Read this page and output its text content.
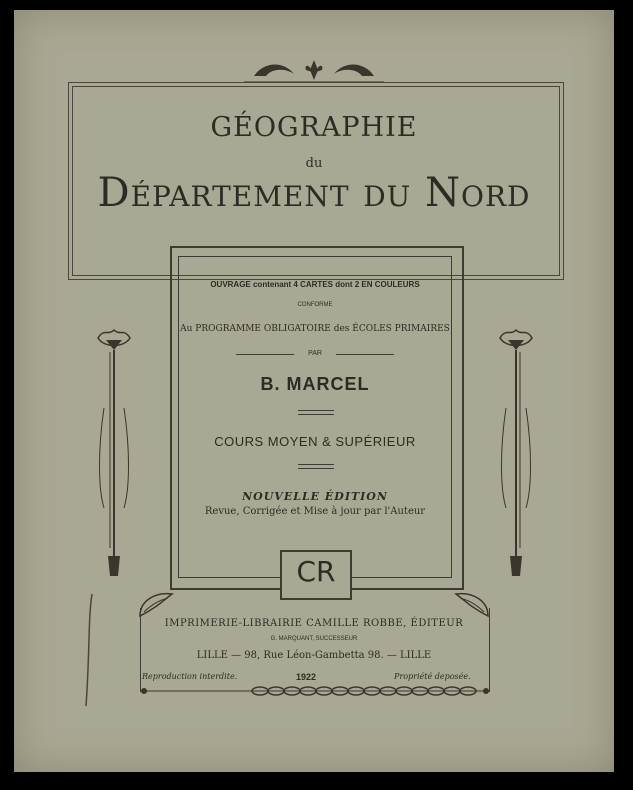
GÉOGRAPHIE
du
Département du Nord
OUVRAGE contenant 4 CARTES dont 2 EN COULEURS
CONFORME
Au PROGRAMME OBLIGATOIRE des ÉCOLES PRIMAIRES
PAR
B. MARCEL
COURS MOYEN & SUPÉRIEUR
NOUVELLE ÉDITION
Revue, Corrigée et Mise à jour par l'Auteur
CR
IMPRIMERIE-LIBRAIRIE CAMILLE ROBBE, ÉDITEUR
G. MARQUANT, SUCCESSEUR
LILLE — 98, Rue Léon-Gambetta 98. — LILLE
Reproduction interdite.	1922	Propriété deposée.
